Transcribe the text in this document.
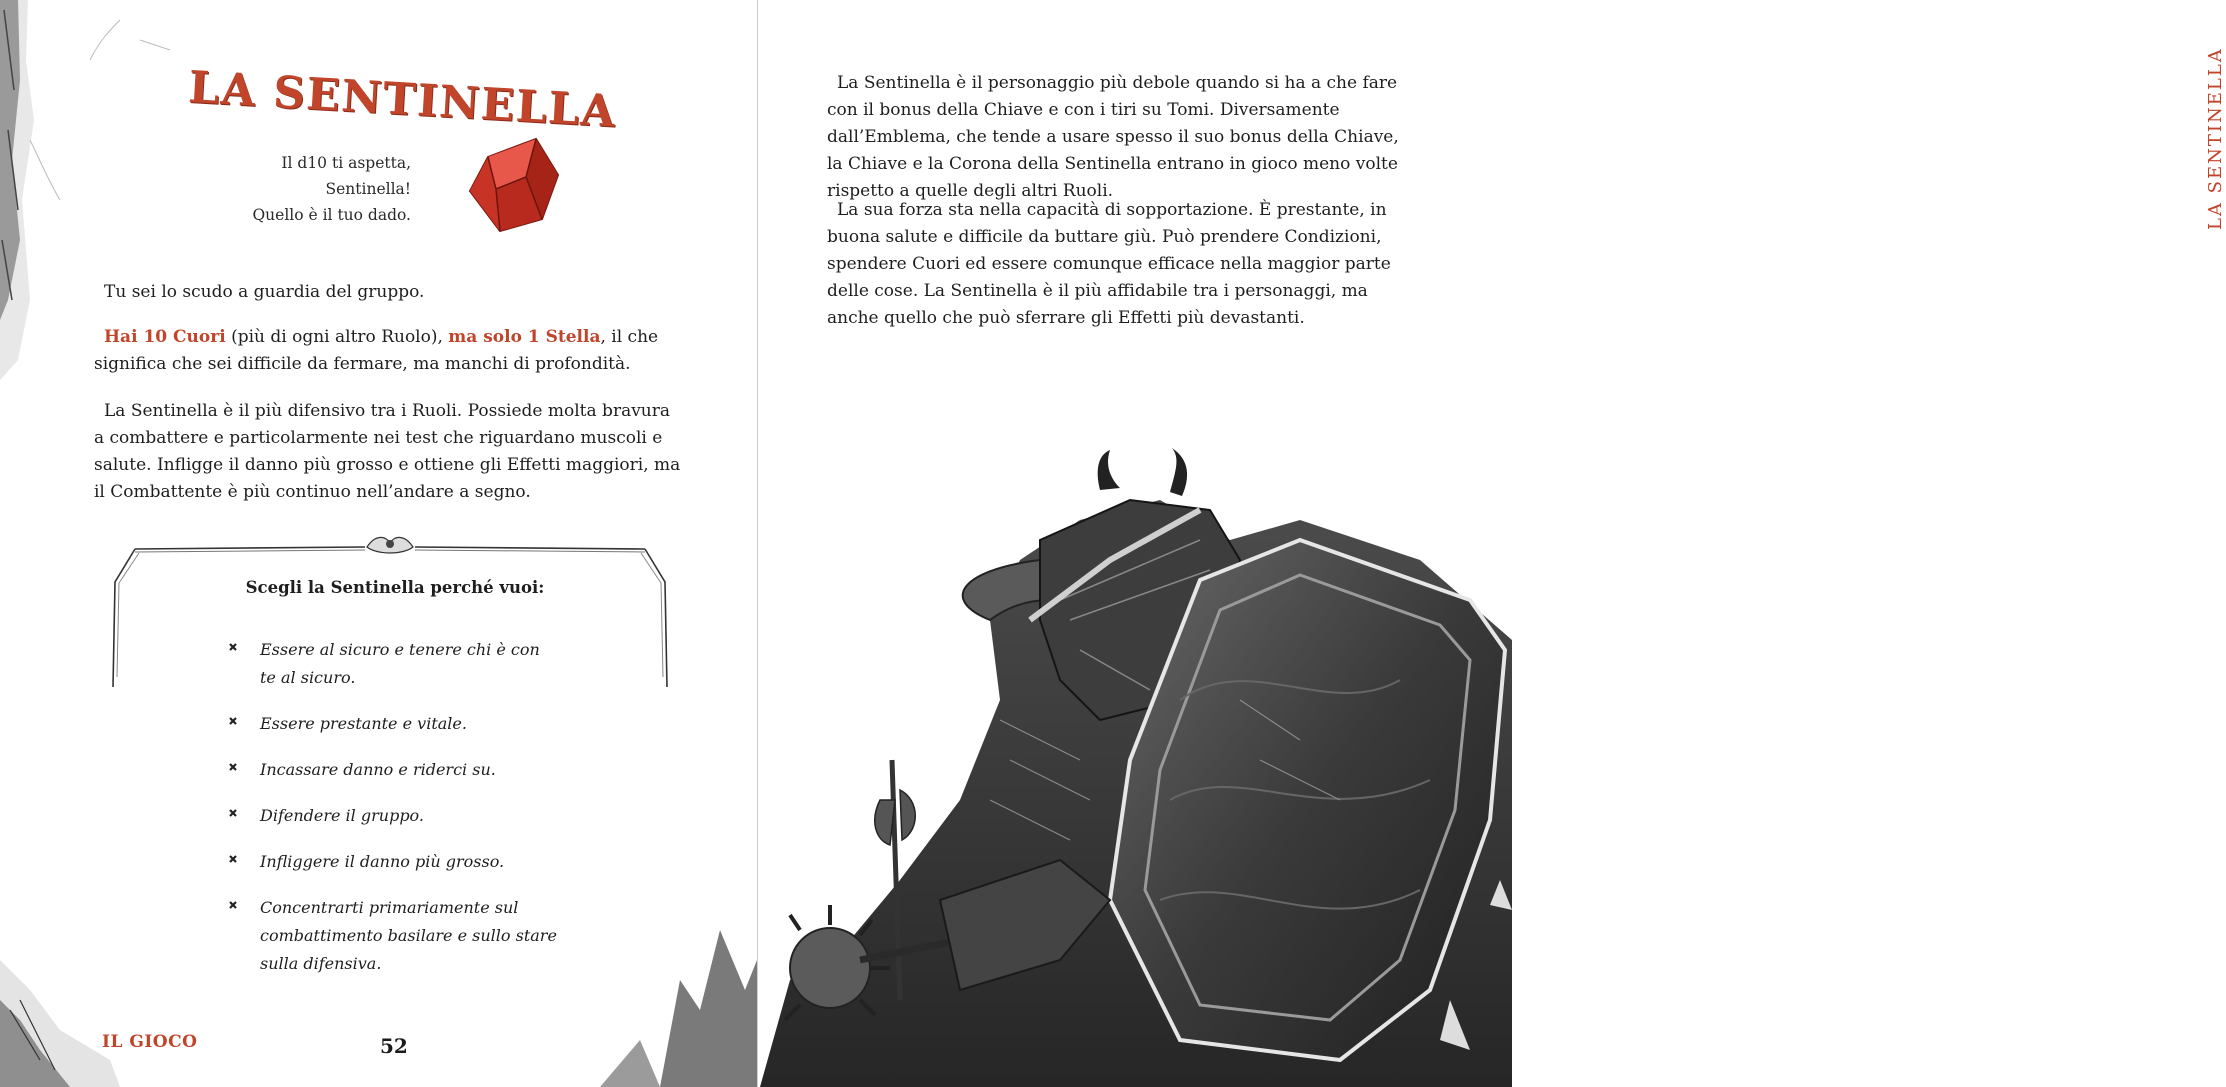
LA SENTINELLA
Il d10 ti aspetta,
Sentinella!
Quello è il tuo dado.

Tu sei lo scudo a guardia del gruppo.

Hai 10 Cuori (più di ogni altro Ruolo), ma solo 1 Stella, il che significa che sei difficile da fermare, ma manchi di profondità.

La Sentinella è il più difensivo tra i Ruoli. Possiede molta bravura a combattere e particolarmente nei test che riguardano muscoli e salute. Infligge il danno più grosso e ottiene gli Effetti maggiori, ma il Combattente è più continuo nell’andare a segno.

Scegli la Sentinella perché vuoi:
Essere al sicuro e tenere chi è con te al sicuro.
Essere prestante e vitale.
Incassare danno e riderci su.
Difendere il gruppo.
Infliggere il danno più grosso.
Concentrarti primariamente sul combattimento basilare e sullo stare sulla difensiva.
IL GIOCO	52
LA SENTINELLA

La Sentinella è il personaggio più debole quando si ha a che fare con il bonus della Chiave e con i tiri su Tomi. Diversamente dall’Emblema, che tende a usare spesso il suo bonus della Chiave, la Chiave e la Corona della Sentinella entrano in gioco meno volte rispetto a quelle degli altri Ruoli.

La sua forza sta nella capacità di sopportazione. È prestante, in buona salute e difficile da buttare giù. Può prendere Condizioni, spendere Cuori ed essere comunque efficace nella maggior parte delle cose. La Sentinella è il più affidabile tra i personaggi, ma anche quello che può sferrare gli Effetti più devastanti.
